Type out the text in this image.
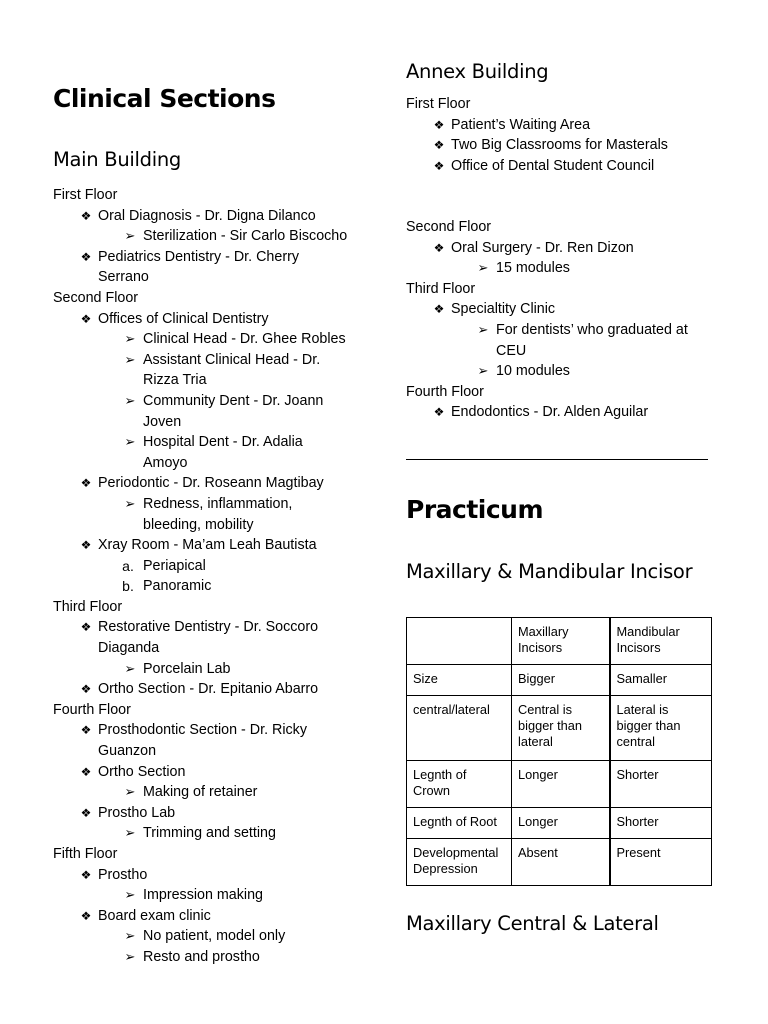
Clinical Sections
Main Building
First Floor
❖ Oral Diagnosis - Dr. Digna Dilanco
➢ Sterilization - Sir Carlo Biscocho
❖ Pediatrics Dentistry - Dr. Cherry
Serrano
Second Floor
❖ Offices of Clinical Dentistry
➢ Clinical Head - Dr. Ghee Robles
➢ Assistant Clinical Head - Dr.
Rizza Tria
➢ Community Dent - Dr. Joann
Joven
➢ Hospital Dent - Dr. Adalia
Amoyo
❖ Periodontic - Dr. Roseann Magtibay
➢ Redness, inflammation,
bleeding, mobility
❖ Xray Room - Ma’am Leah Bautista
a. Periapical
b. Panoramic
Third Floor
❖ Restorative Dentistry - Dr. Soccoro
Diaganda
➢ Porcelain Lab
❖ Ortho Section - Dr. Epitanio Abarro
Fourth Floor
❖ Prosthodontic Section - Dr. Ricky
Guanzon
❖ Ortho Section
➢ Making of retainer
❖ Prostho Lab
➢ Trimming and setting
Fifth Floor
❖ Prostho
➢ Impression making
❖ Board exam clinic
➢ No patient, model only
➢ Resto and prostho
Annex Building
First Floor
❖ Patient’s Waiting Area
❖ Two Big Classrooms for Masterals
❖ Office of Dental Student Council
Second Floor
❖ Oral Surgery - Dr. Ren Dizon
➢ 15 modules
Third Floor
❖ Specialtity Clinic
➢ For dentists’ who graduated at
CEU
➢ 10 modules
Fourth Floor
❖ Endodontics - Dr. Alden Aguilar
Practicum
Maxillary & Mandibular Incisor
Maxillary Central & Lateral
	Maxillary Incisors	Mandibular Incisors
Size	Bigger	Samaller
central/lateral	Central is bigger than lateral	Lateral is bigger than central
Legnth of Crown	Longer	Shorter
Legnth of Root	Longer	Shorter
Developmental Depression	Absent	Present
